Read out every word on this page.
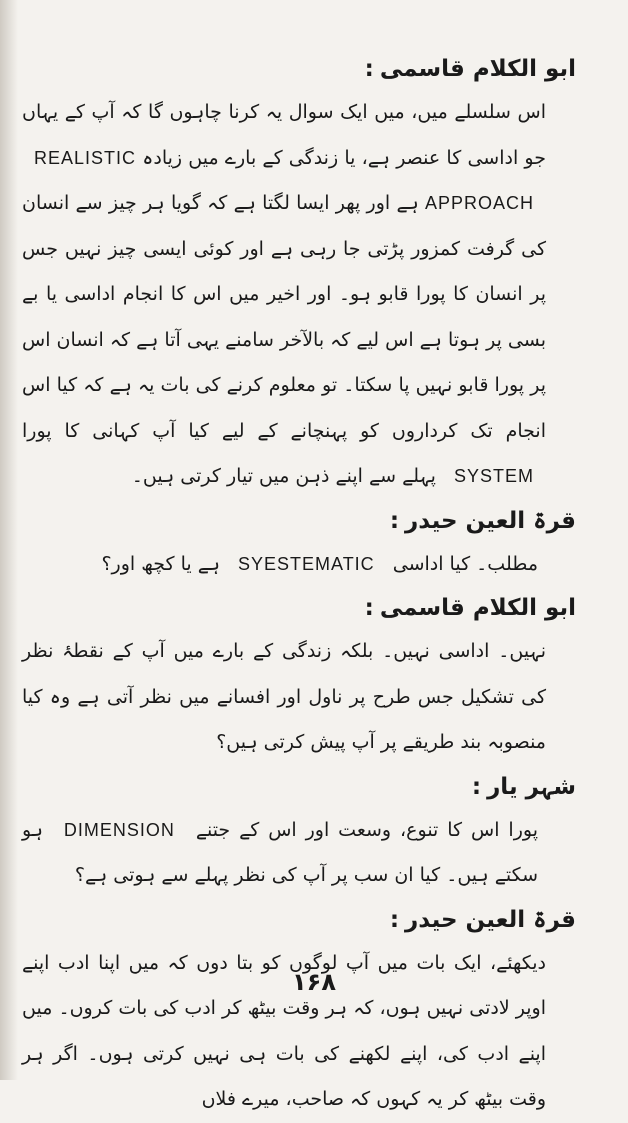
ابو الکلام قاسمی:
اس سلسلے میں، میں ایک سوال یہ کرنا چاہوں گا کہ آپ کے یہاں جو اداسی کا عنصر ہے، یا زندگی کے بارے میں زیادہ REALISTIC APPROACH ہے اور پھر ایسا لگتا ہے کہ گویا ہر چیز سے انسان کی گرفت کمزور پڑتی جا رہی ہے اور کوئی ایسی چیز نہیں جس پر انسان کا پورا قابو ہو۔ اور اخیر میں اس کا انجام اداسی یا بے بسی پر ہوتا ہے اس لیے کہ بالآخر سامنے یہی آتا ہے کہ انسان اس پر پورا قابو نہیں پا سکتا۔ تو معلوم کرنے کی بات یہ ہے کہ کیا اس انجام تک کرداروں کو پہنچانے کے لیے کیا آپ کہانی کا پورا SYSTEM پہلے سے اپنے ذہن میں تیار کرتی ہیں۔
قرۃ العین حیدر:
مطلب۔ کیا اداسی SYESTEMATIC ہے یا کچھ اور؟
ابو الکلام قاسمی:
نہیں۔ اداسی نہیں۔ بلکہ زندگی کے بارے میں آپ کے نقطۂ نظر کی تشکیل جس طرح پر ناول اور افسانے میں نظر آتی ہے وہ کیا منصوبہ بند طریقے پر آپ پیش کرتی ہیں؟
شہر یار:
پورا اس کا تنوع، وسعت اور اس کے جتنے DIMENSION ہو سکتے ہیں۔ کیا ان سب پر آپ کی نظر پہلے سے ہوتی ہے؟
قرۃ العین حیدر:
دیکھئے، ایک بات میں آپ لوگوں کو بتا دوں کہ میں اپنا ادب اپنے اوپر لادتی نہیں ہوں، کہ ہر وقت بیٹھ کر ادب کی بات کروں۔ میں اپنے ادب کی، اپنے لکھنے کی بات ہی نہیں کرتی ہوں۔ اگر ہر وقت بیٹھ کر یہ کہوں کہ صاحب، میرے فلاں
۱۶۸
